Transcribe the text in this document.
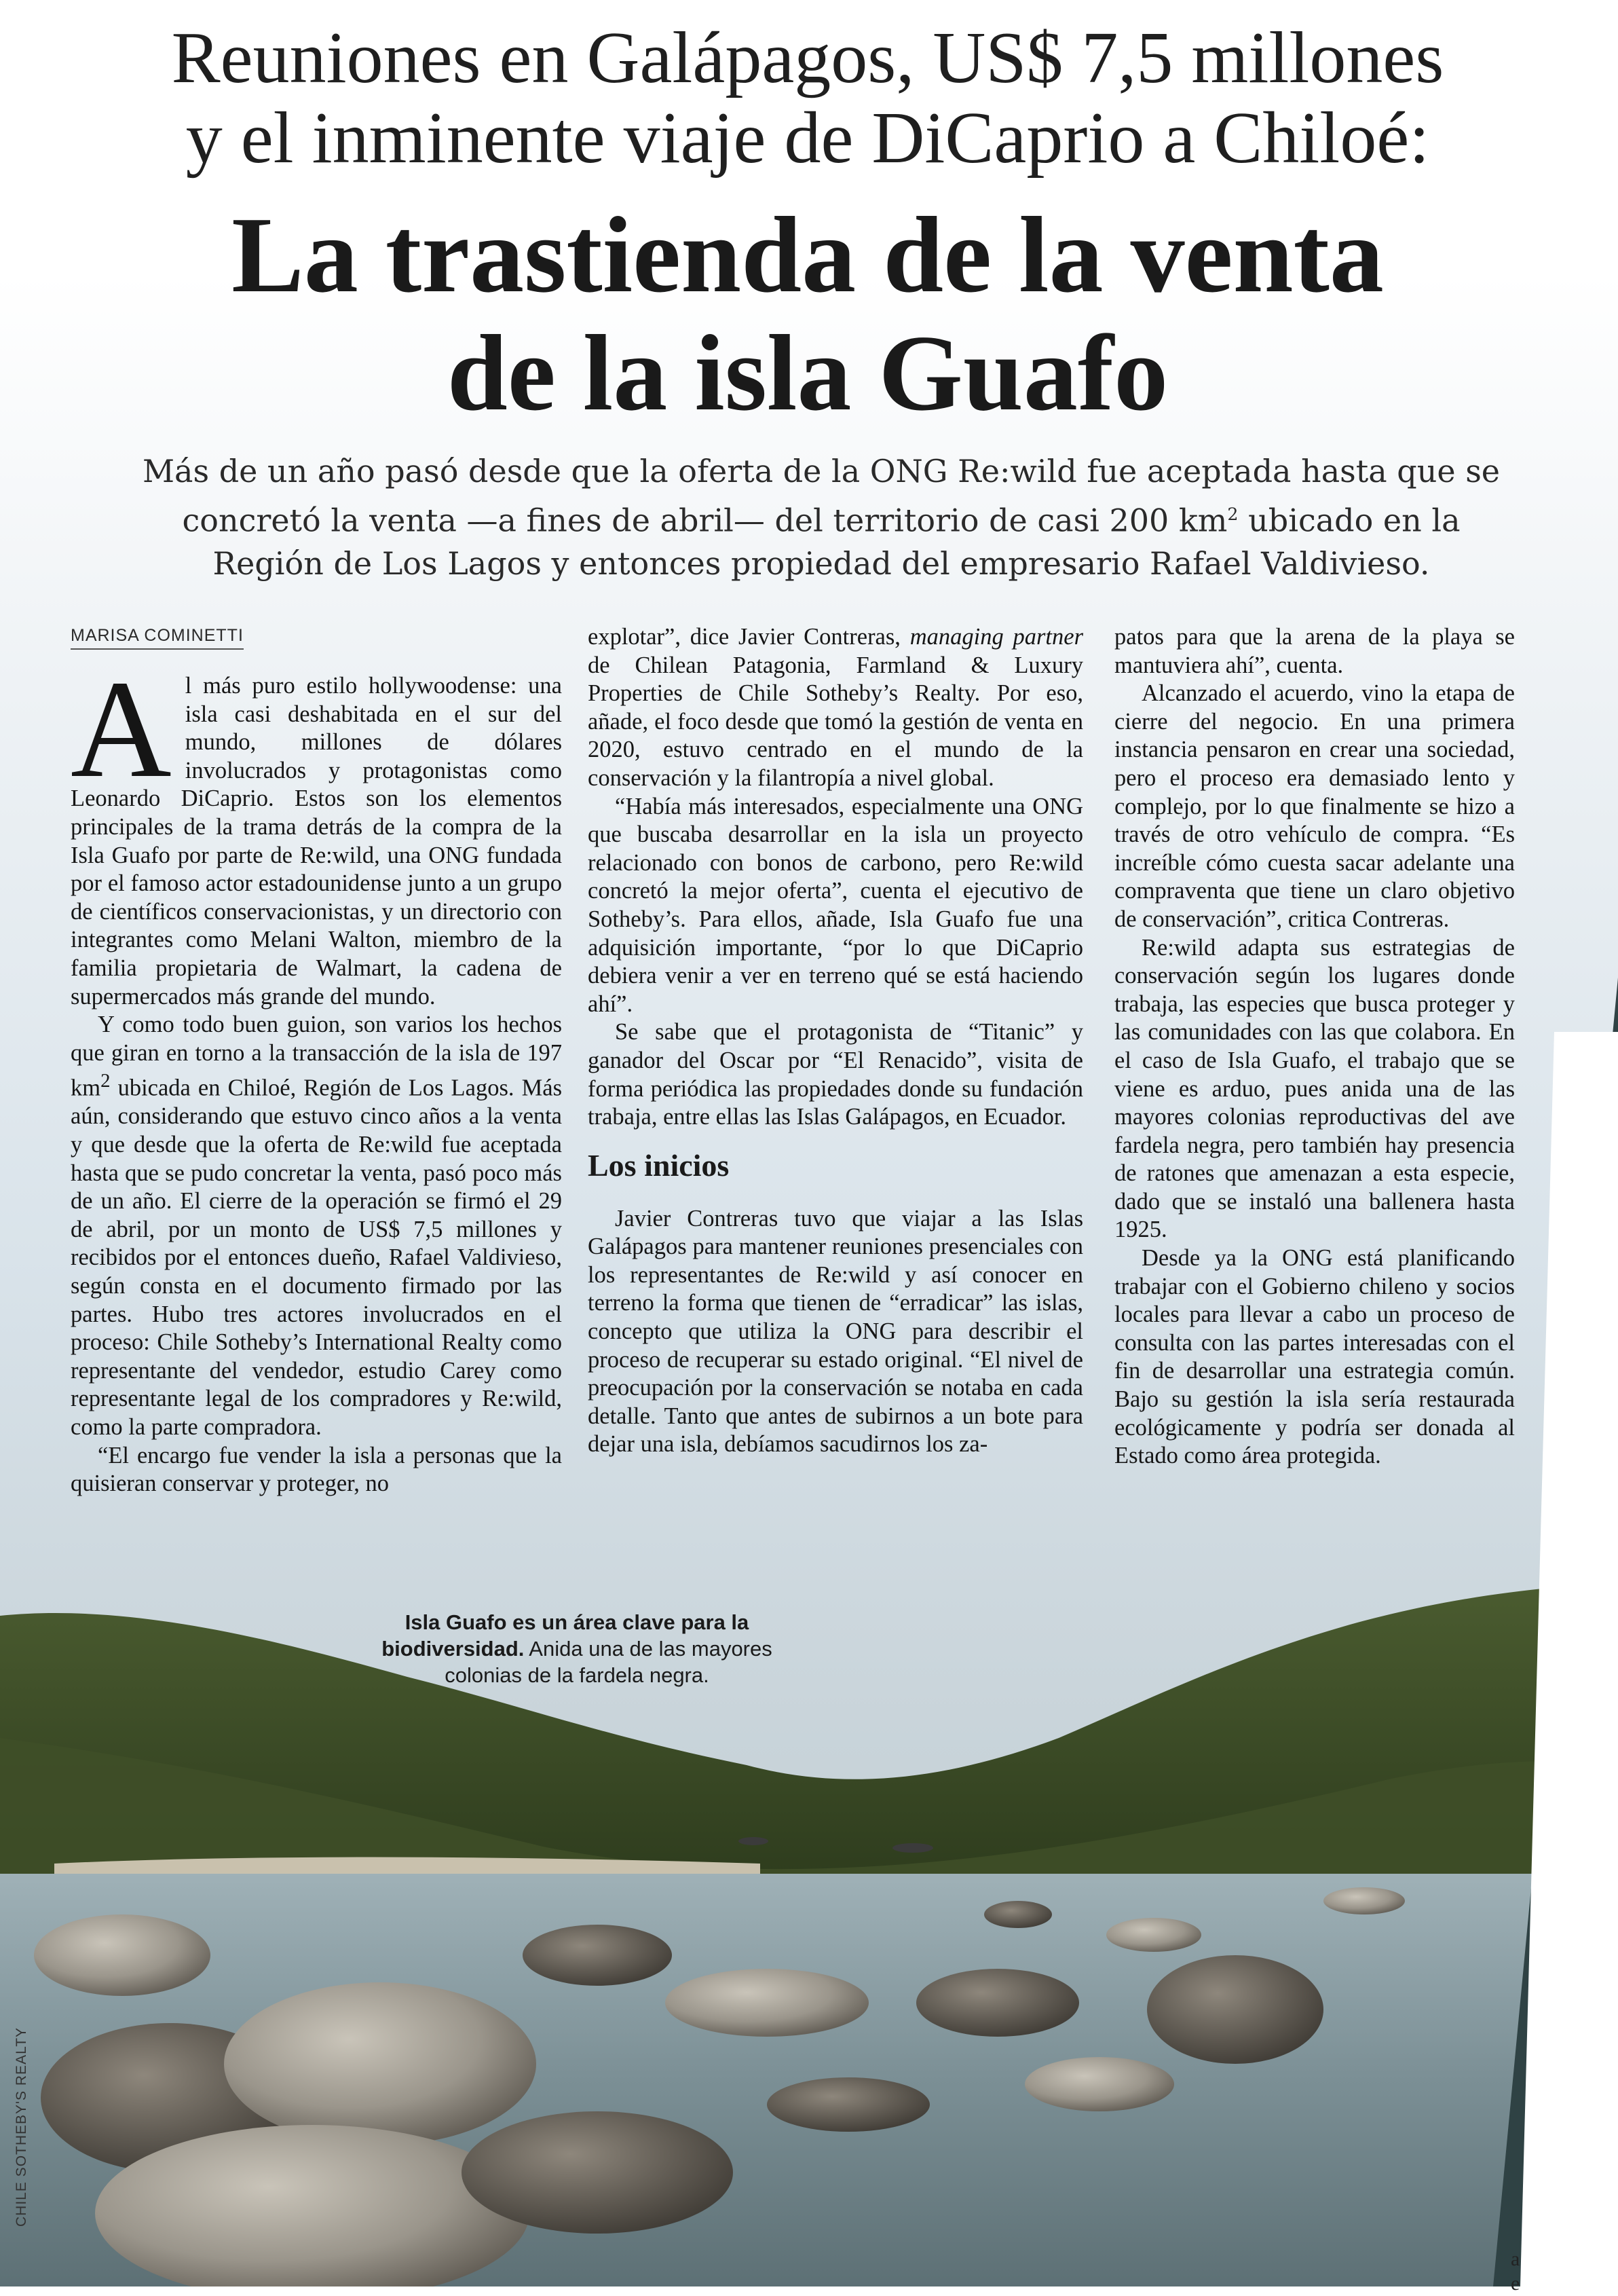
Reuniones en Galápagos, US$ 7,5 millones
y el inminente viaje de DiCaprio a Chiloé:
La trastienda de la venta
de la isla Guafo
Más de un año pasó desde que la oferta de la ONG Re:wild fue aceptada hasta que se
concretó la venta —a fines de abril— del territorio de casi 200 $km^2$ ubicado en la
Región de Los Lagos y entonces propiedad del empresario Rafael Valdivieso.
MARISA COMINETTI

Al más puro estilo hollywoodense: una isla casi deshabitada en el sur del mundo, millones de dólares involucrados y protagonistas como Leonardo DiCaprio. Estos son los elementos principales de la trama detrás de la compra de la Isla Guafo por parte de Re:wild, una ONG fundada por el famoso actor estadounidense junto a un grupo de científicos conservacionistas, y un directorio con integrantes como Melani Walton, miembro de la familia propietaria de Walmart, la cadena de supermercados más grande del mundo.

Y como todo buen guion, son varios los hechos que giran en torno a la transacción de la isla de 197 $km^2$ ubicada en Chiloé, Región de Los Lagos. Más aún, considerando que estuvo cinco años a la venta y que desde que la oferta de Re:wild fue aceptada hasta que se pudo concretar la venta, pasó poco más de un año. El cierre de la operación se firmó el 29 de abril, por un monto de US$ 7,5 millones y recibidos por el entonces dueño, Rafael Valdivieso, según consta en el documento firmado por las partes. Hubo tres actores involucrados en el proceso: Chile Sotheby’s International Realty como representante del vendedor, estudio Carey como representante legal de los compradores y Re:wild, como la parte compradora.

“El encargo fue vender la isla a personas que la quisieran conservar y proteger, no

explotar”, dice Javier Contreras, managing partner de Chilean Patagonia, Farmland & Luxury Properties de Chile Sotheby’s Realty. Por eso, añade, el foco desde que tomó la gestión de venta en 2020, estuvo centrado en el mundo de la conservación y la filantropía a nivel global.

“Había más interesados, especialmente una ONG que buscaba desarrollar en la isla un proyecto relacionado con bonos de carbono, pero Re:wild concretó la mejor oferta”, cuenta el ejecutivo de Sotheby’s. Para ellos, añade, Isla Guafo fue una adquisición importante, “por lo que DiCaprio debiera venir a ver en terreno qué se está haciendo ahí”.

Se sabe que el protagonista de “Titanic” y ganador del Oscar por “El Renacido”, visita de forma periódica las propiedades donde su fundación trabaja, entre ellas las Islas Galápagos, en Ecuador.

Los inicios

Javier Contreras tuvo que viajar a las Islas Galápagos para mantener reuniones presenciales con los representantes de Re:wild y así conocer en terreno la forma que tienen de “erradicar” las islas, concepto que utiliza la ONG para describir el proceso de recuperar su estado original. “El nivel de preocupación por la conservación se notaba en cada detalle. Tanto que antes de subirnos a un bote para dejar una isla, debíamos sacudirnos los za-

patos para que la arena de la playa se mantuviera ahí”, cuenta.

Alcanzado el acuerdo, vino la etapa de cierre del negocio. En una primera instancia pensaron en crear una sociedad, pero el proceso era demasiado lento y complejo, por lo que finalmente se hizo a través de otro vehículo de compra. “Es increíble cómo cuesta sacar adelante una compraventa que tiene un claro objetivo de conservación”, critica Contreras.

Re:wild adapta sus estrategias de conservación según los lugares donde trabaja, las especies que busca proteger y las comunidades con las que colabora. En el caso de Isla Guafo, el trabajo que se viene es arduo, pues anida una de las mayores colonias reproductivas del ave fardela negra, pero también hay presencia de ratones que amenazan a esta especie, dado que se instaló una ballenera hasta 1925.

Desde ya la ONG está planificando trabajar con el Gobierno chileno y socios locales para llevar a cabo un proceso de consulta con las partes interesadas con el fin de desarrollar una estrategia común. Bajo su gestión la isla sería restaurada ecológicamente y podría ser donada al Estado como área protegida.

Isla Guafo es un área clave para la biodiversidad. Anida una de las mayores colonias de la fardela negra.
CHILE SOTHEBY'S REALTY
a
e
